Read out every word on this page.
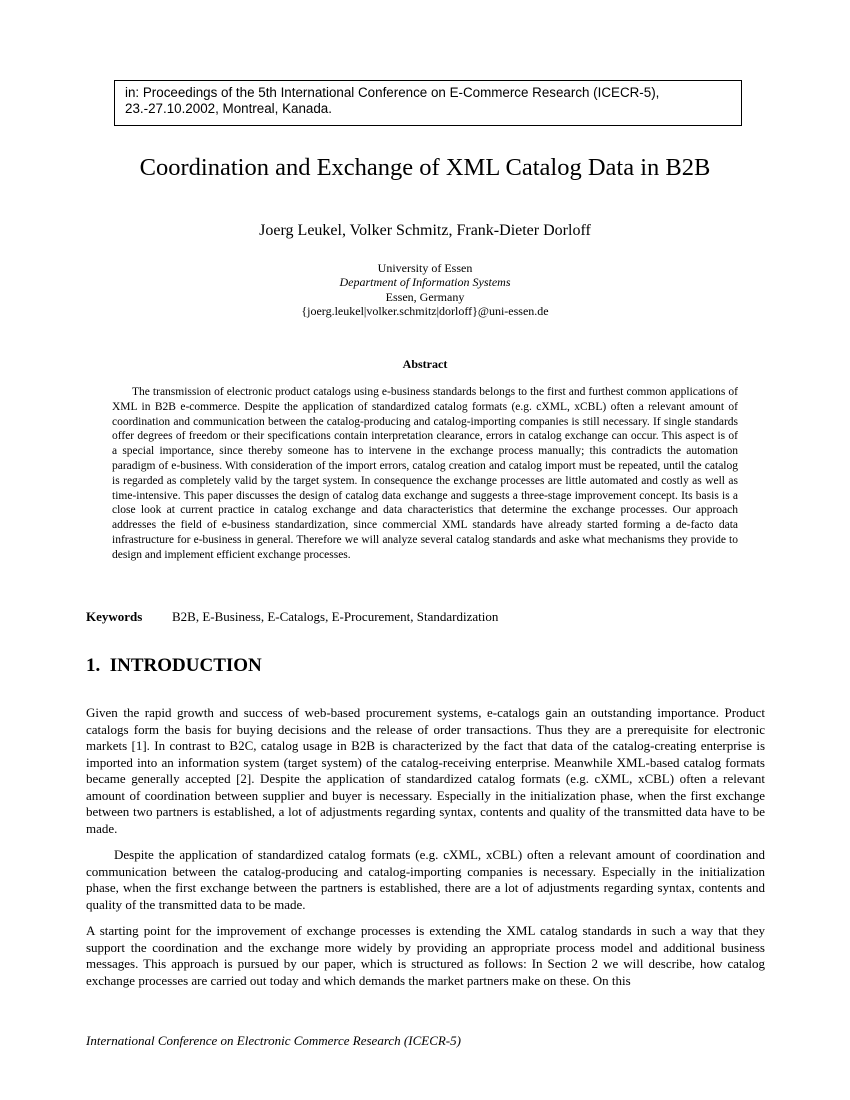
in: Proceedings of the 5th International Conference on E-Commerce Research (ICECR-5), 23.-27.10.2002, Montreal, Kanada.
Coordination and Exchange of XML Catalog Data in B2B
Joerg Leukel, Volker Schmitz, Frank-Dieter Dorloff
University of Essen
Department of Information Systems
Essen, Germany
{joerg.leukel|volker.schmitz|dorloff}@uni-essen.de
Abstract

The transmission of electronic product catalogs using e-business standards belongs to the first and furthest common applications of XML in B2B e-commerce. Despite the application of standardized catalog formats (e.g. cXML, xCBL) often a relevant amount of coordination and communication between the catalog-producing and catalog-importing companies is still necessary. If single standards offer degrees of freedom or their specifications contain interpretation clearance, errors in catalog exchange can occur. This aspect is of a special importance, since thereby someone has to intervene in the exchange process manually; this contradicts the automation paradigm of e-business. With consideration of the import errors, catalog creation and catalog import must be repeated, until the catalog is regarded as completely valid by the target system. In consequence the exchange processes are little automated and costly as well as time-intensive. This paper discusses the design of catalog data exchange and suggests a three-stage improvement concept. Its basis is a close look at current practice in catalog exchange and data characteristics that determine the exchange processes. Our approach addresses the field of e-business standardization, since commercial XML standards have already started forming a de-facto data infrastructure for e-business in general. Therefore we will analyze several catalog standards and aske what mechanisms they provide to design and implement efficient exchange processes.

Keywords B2B, E-Business, E-Catalogs, E-Procurement, Standardization
1.  INTRODUCTION

Given the rapid growth and success of web-based procurement systems, e-catalogs gain an outstanding importance. Product catalogs form the basis for buying decisions and the release of order transactions. Thus they are a prerequisite for electronic markets [1]. In contrast to B2C, catalog usage in B2B is characterized by the fact that data of the catalog-creating enterprise is imported into an information system (target system) of the catalog-receiving enterprise. Meanwhile XML-based catalog formats became generally accepted [2]. Despite the application of standardized catalog formats (e.g. cXML, xCBL) often a relevant amount of coordination between supplier and buyer is necessary. Especially in the initialization phase, when the first exchange between two partners is established, a lot of adjustments regarding syntax, contents and quality of the transmitted data have to be made.

Despite the application of standardized catalog formats (e.g. cXML, xCBL) often a relevant amount of coordination and communication between the catalog-producing and catalog-importing companies is necessary. Especially in the initialization phase, when the first exchange between the partners is established, there are a lot of adjustments regarding syntax, contents and quality of the transmitted data to be made.

A starting point for the improvement of exchange processes is extending the XML catalog standards in such a way that they support the coordination and the exchange more widely by providing an appropriate process model and additional business messages. This approach is pursued by our paper, which is structured as follows: In Section 2 we will describe, how catalog exchange processes are carried out today and which demands the market partners make on these. On this

International Conference on Electronic Commerce Research (ICECR-5)
